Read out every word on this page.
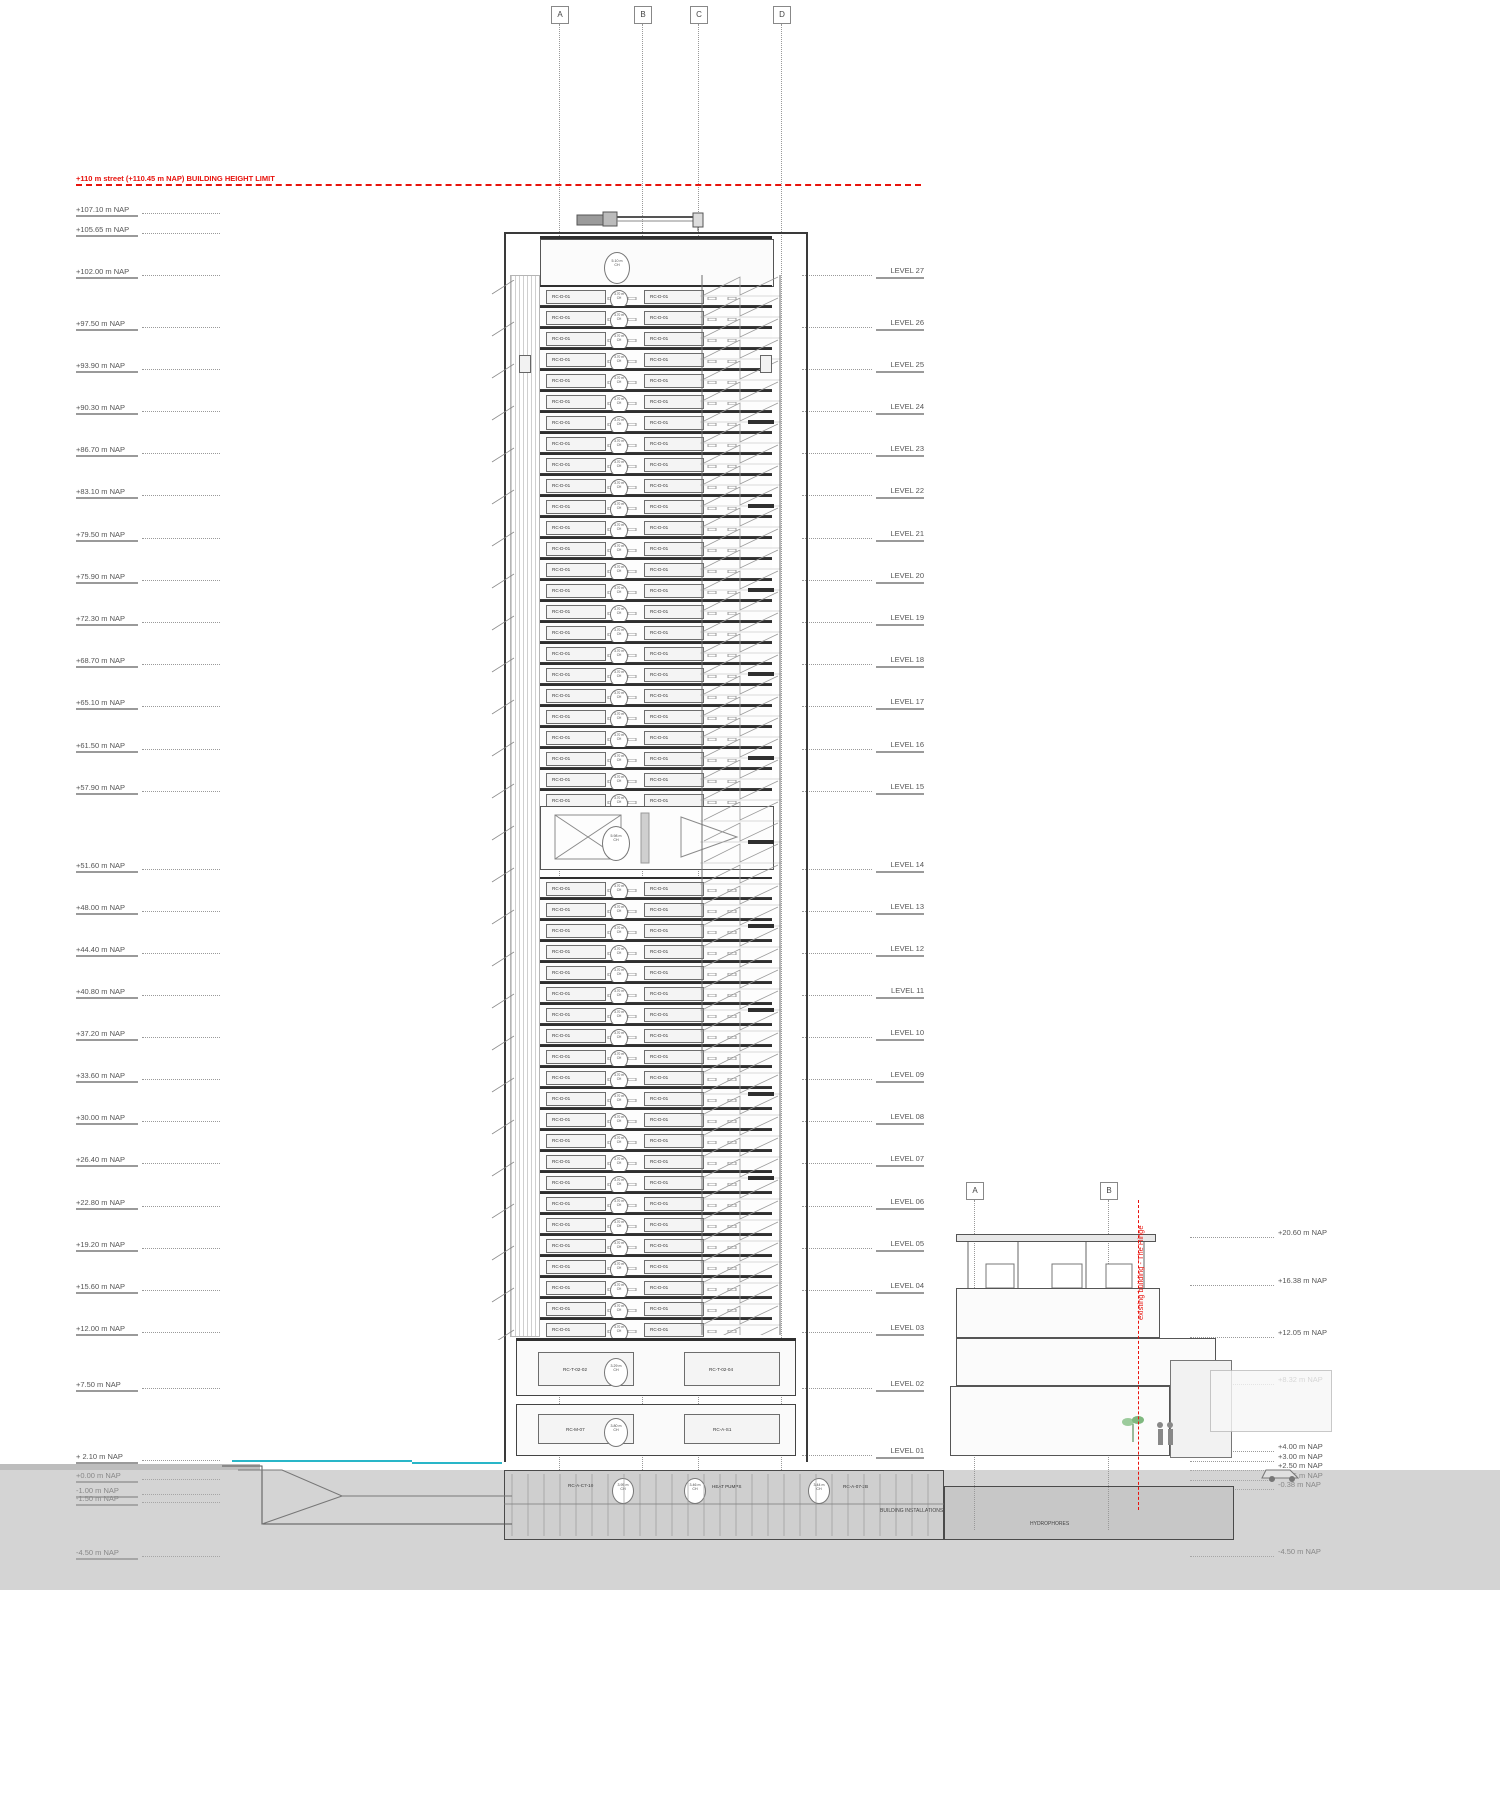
A	B	C	D
+110 m street (+110.45 m NAP) BUILDING HEIGHT LIMIT
+107.10 m NAP
+105.65 m NAP
+102.00 m NAP
+97.50 m NAP
+93.90 m NAP
+90.30 m NAP
+86.70 m NAP
+83.10 m NAP
+79.50 m NAP
+75.90 m NAP
+72.30 m NAP
+68.70 m NAP
+65.10 m NAP
+61.50 m NAP
+57.90 m NAP
+51.60 m NAP
+48.00 m NAP
+44.40 m NAP
+40.80 m NAP
+37.20 m NAP
+33.60 m NAP
+30.00 m NAP
+26.40 m NAP
+22.80 m NAP
+19.20 m NAP
+15.60 m NAP
+12.00 m NAP
+7.50 m NAP
+ 2.10 m NAP
LEVEL 27
LEVEL 26
LEVEL 25
LEVEL 24
LEVEL 23
LEVEL 22
LEVEL 21
LEVEL 20
LEVEL 19
LEVEL 18
LEVEL 17
LEVEL 16
LEVEL 15
LEVEL 14
LEVEL 13
LEVEL 12
LEVEL 11
LEVEL 10
LEVEL 09
LEVEL 08
LEVEL 07
LEVEL 06
LEVEL 05
LEVEL 04
LEVEL 03
LEVEL 02
LEVEL 01
+20.60 m NAP
+16.38 m NAP
+12.05 m NAP
+4.00 m NAP
+3.00 m NAP
+2.50 m NAP
5.10 m
CH
RC-D-01	3.70 m
CH	RC-D-01
RC-D-01	3.70 m
CH	RC-D-01
RC-D-01	3.70 m
CH	RC-D-01
RC-D-01	3.70 m
CH	RC-D-01
RC-D-01	3.70 m
CH	RC-D-01
RC-D-01	3.70 m
CH	RC-D-01
RC-D-01	3.70 m
CH	RC-D-01
RC-D-01	3.70 m
CH	RC-D-01
RC-D-01	3.70 m
CH	RC-D-01
RC-D-01	3.70 m
CH	RC-D-01
RC-D-01	3.70 m
CH	RC-D-01
RC-D-01	3.70 m
CH	RC-D-01
RC-D-01	3.70 m
CH	RC-D-01
RC-D-01	3.70 m
CH	RC-D-01
RC-D-01	3.70 m
CH	RC-D-01
RC-D-01	3.70 m
CH	RC-D-01
RC-D-01	3.70 m
CH	RC-D-01
RC-D-01	3.70 m
CH	RC-D-01
RC-D-01	3.70 m
CH	RC-D-01
RC-D-01	3.70 m
CH	RC-D-01
RC-D-01	3.70 m
CH	RC-D-01
RC-D-01	3.70 m
CH	RC-D-01
RC-D-01	3.70 m
CH	RC-D-01
RC-D-01	3.70 m
CH	RC-D-01
RC-D-01	3.70 m
CH	RC-D-01
RC-D-01	3.70 m
CH	RC-D-01
RC-D-01	3.70 m
CH	RC-D-01
RC-D-01	3.70 m
CH	RC-D-01
RC-D-01	3.70 m
CH	RC-D-01
RC-D-01	3.70 m
CH	RC-D-01
RC-D-01	3.70 m
CH	RC-D-01
RC-D-01	3.70 m
CH	RC-D-01
RC-D-01	3.70 m
CH	RC-D-01
RC-D-01	3.70 m
CH	RC-D-01
RC-D-01	3.70 m
CH	RC-D-01
RC-D-01	3.70 m
CH	RC-D-01
RC-D-01	3.70 m
CH	RC-D-01
RC-D-01	3.70 m
CH	RC-D-01
RC-D-01	3.70 m
CH	RC-D-01
RC-D-01	3.70 m
CH	RC-D-01
RC-D-01	3.70 m
CH	RC-D-01
RC-D-01	3.70 m
CH	RC-D-01
RC-D-01	3.70 m
CH	RC-D-01
RC-D-01	3.70 m
CH	RC-D-01
RC-D-01	3.70 m
CH	RC-D-01
RC-D-01	3.70 m
CH	RC-D-01
RC-D-01	3.70 m
CH	RC-D-01
5.98 m
CH
RC-T-02-02	RC-T-02-04
3.29 m
CH
RC-M-07	RC-A-S1
3.80 m
CH
RC-A-C7-10	3.95 m
CH
3.46 m
CH
HEAT PUMPS	3.44 m
CH
RC-A-07-2B
BUILDING INSTALLATIONS
HYDROPHORES
A	B
existing building - The Hinge
